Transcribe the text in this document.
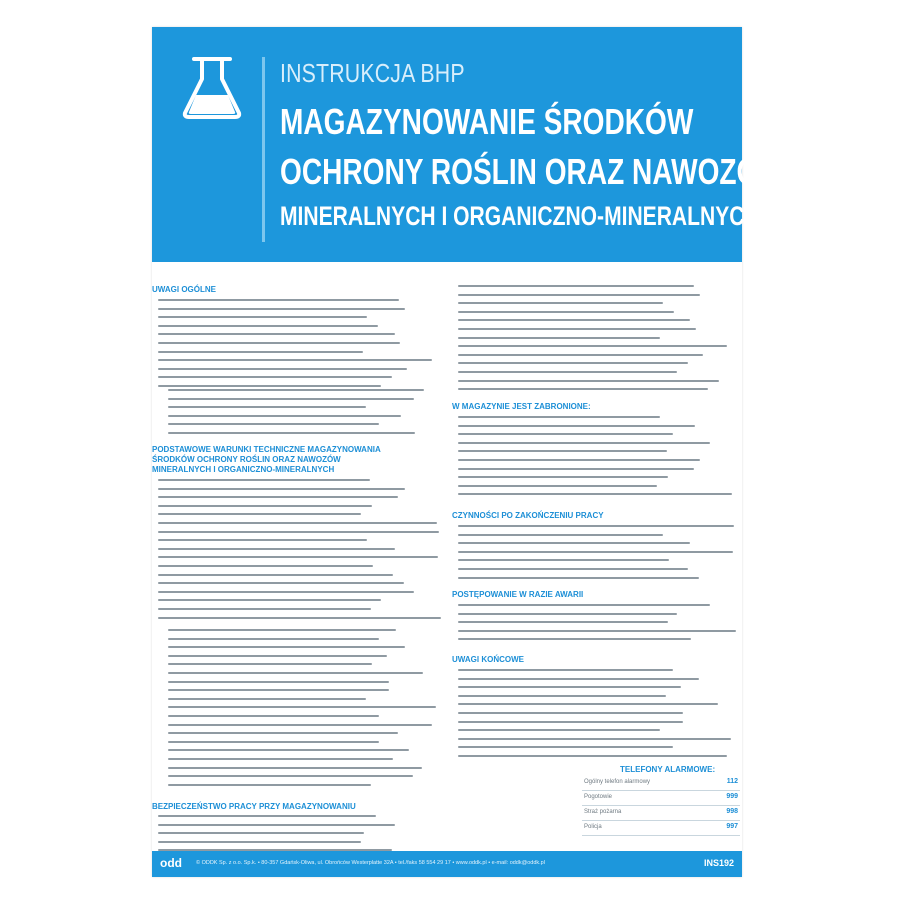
INSTRUKCJA BHP
MAGAZYNOWANIE ŚRODKÓW
OCHRONY ROŚLIN ORAZ NAWOZÓW
MINERALNYCH I ORGANICZNO-MINERALNYCH
UWAGI OGÓLNE
PODSTAWOWE WARUNKI TECHNICZNE MAGAZYNOWANIA
ŚRODKÓW OCHRONY ROŚLIN ORAZ NAWOZÓW
MINERALNYCH I ORGANICZNO-MINERALNYCH
BEZPIECZEŃSTWO PRACY PRZY MAGAZYNOWANIU
W MAGAZYNIE JEST ZABRONIONE:
CZYNNOŚCI PO ZAKOŃCZENIU PRACY
POSTĘPOWANIE W RAZIE AWARII
UWAGI KOŃCOWE
TELEFONY ALARMOWE:
Ogólny telefon alarmowy	112
Pogotowie	999
Straż pożarna	998
Policja	997
odd	© ODDK Sp. z o.o. Sp.k. • 80-357 Gdańsk-Oliwa, ul. Obrońców Westerplatte 32A • tel./faks 58 554 29 17 • www.oddk.pl • e-mail: oddk@oddk.pl	INS192
